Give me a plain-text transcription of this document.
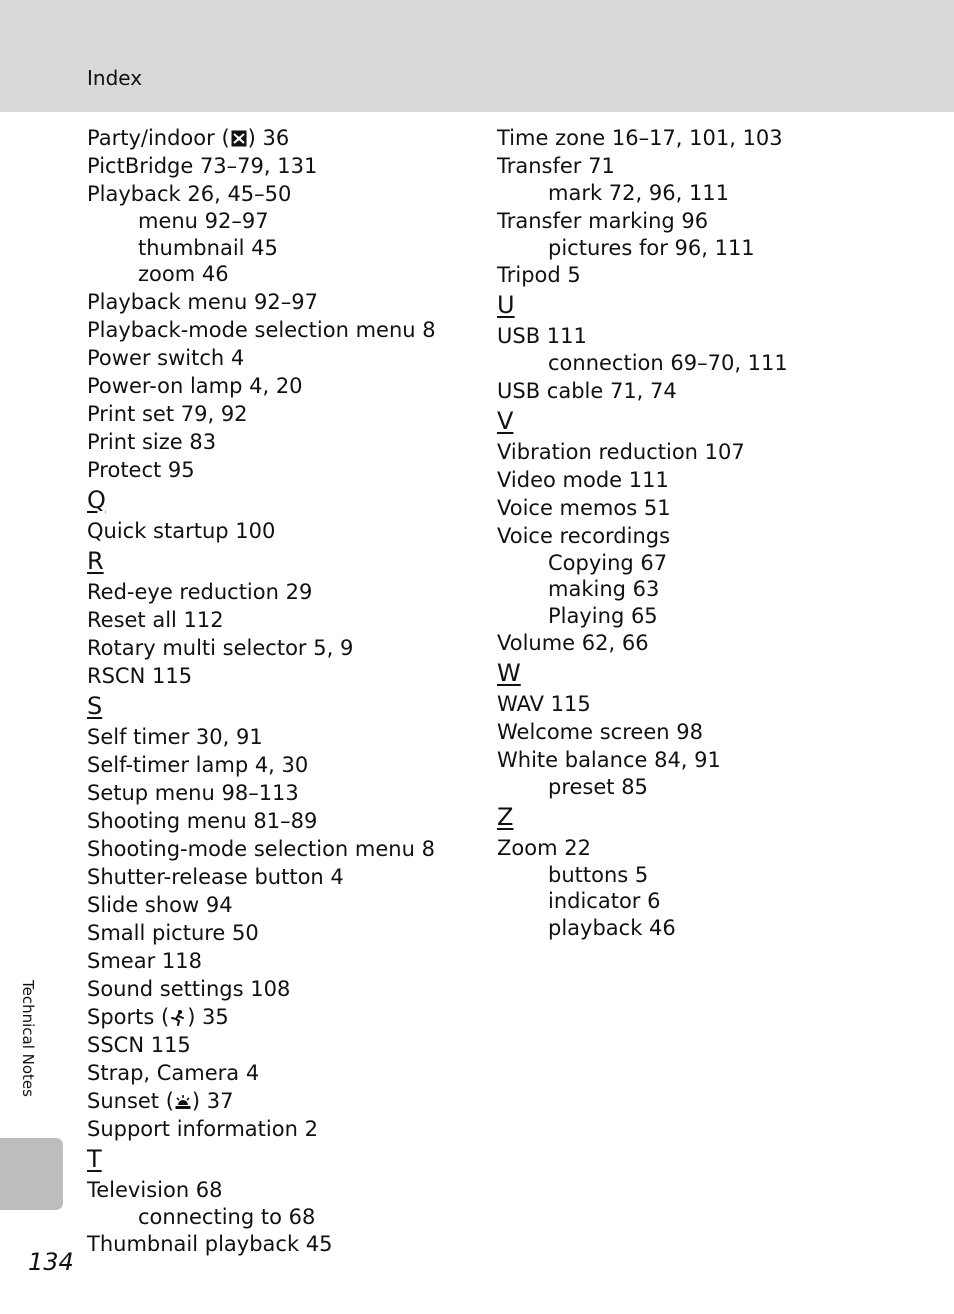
Index
Party/indoor ( ) 36
PictBridge 73–79, 131
Playback 26, 45–50
menu 92–97
thumbnail 45
zoom 46
Playback menu 92–97
Playback-mode selection menu 8
Power switch 4
Power-on lamp 4, 20
Print set 79, 92
Print size 83
Protect 95
Q
Quick startup 100
R
Red-eye reduction 29
Reset all 112
Rotary multi selector 5, 9
RSCN 115
S
Self timer 30, 91
Self-timer lamp 4, 30
Setup menu 98–113
Shooting menu 81–89
Shooting-mode selection menu 8
Shutter-release button 4
Slide show 94
Small picture 50
Smear 118
Sound settings 108
Sports ( ) 35
SSCN 115
Strap, Camera 4
Sunset ( ) 37
Support information 2
T
Television 68
connecting to 68
Thumbnail playback 45
Time zone 16–17, 101, 103
Transfer 71
mark 72, 96, 111
Transfer marking 96
pictures for 96, 111
Tripod 5
U
USB 111
connection 69–70, 111
USB cable 71, 74
V
Vibration reduction 107
Video mode 111
Voice memos 51
Voice recordings
Copying 67
making 63
Playing 65
Volume 62, 66
W
WAV 115
Welcome screen 98
White balance 84, 91
preset 85
Z
Zoom 22
buttons 5
indicator 6
playback 46
Technical Notes
134
